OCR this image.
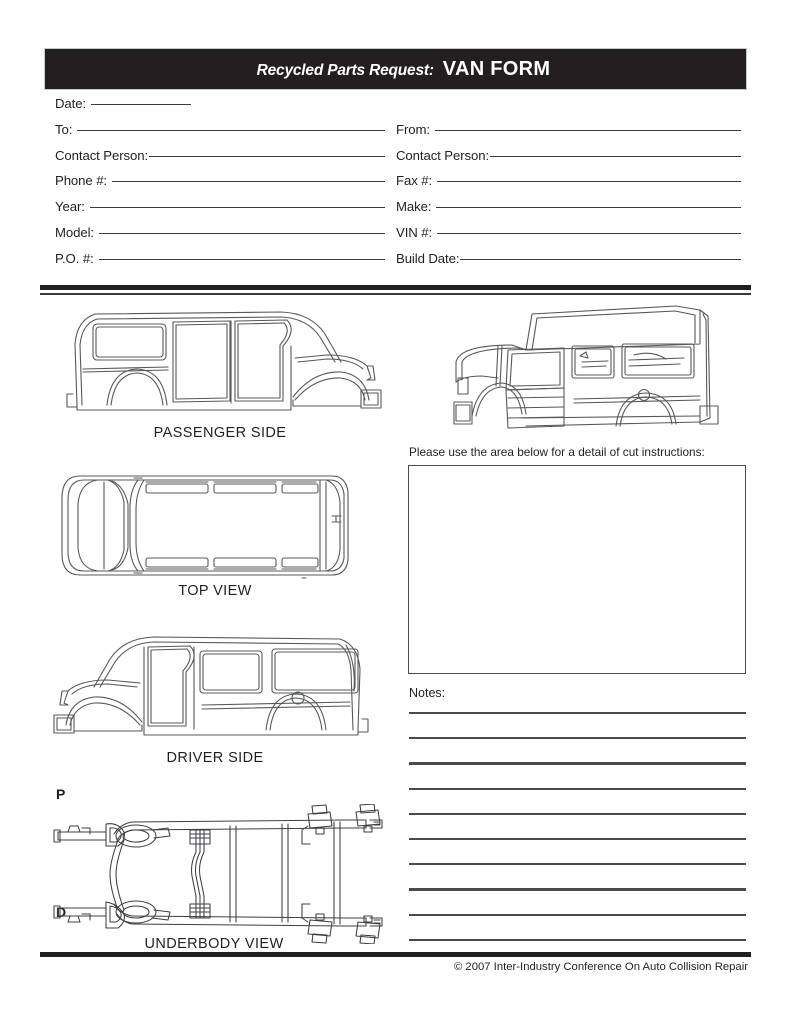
Recycled Parts Request: VAN FORM
Date:
To:
Contact Person:
Phone #:
Year:
Model:
P.O. #:
From:
Contact Person:
Fax #:
Make:
VIN #:
Build Date:
PASSENGER SIDE
Please use the area below for a detail of cut instructions:
TOP VIEW
DRIVER SIDE
P
D
UNDERBODY VIEW
Notes:
© 2007 Inter-Industry Conference On Auto Collision Repair
